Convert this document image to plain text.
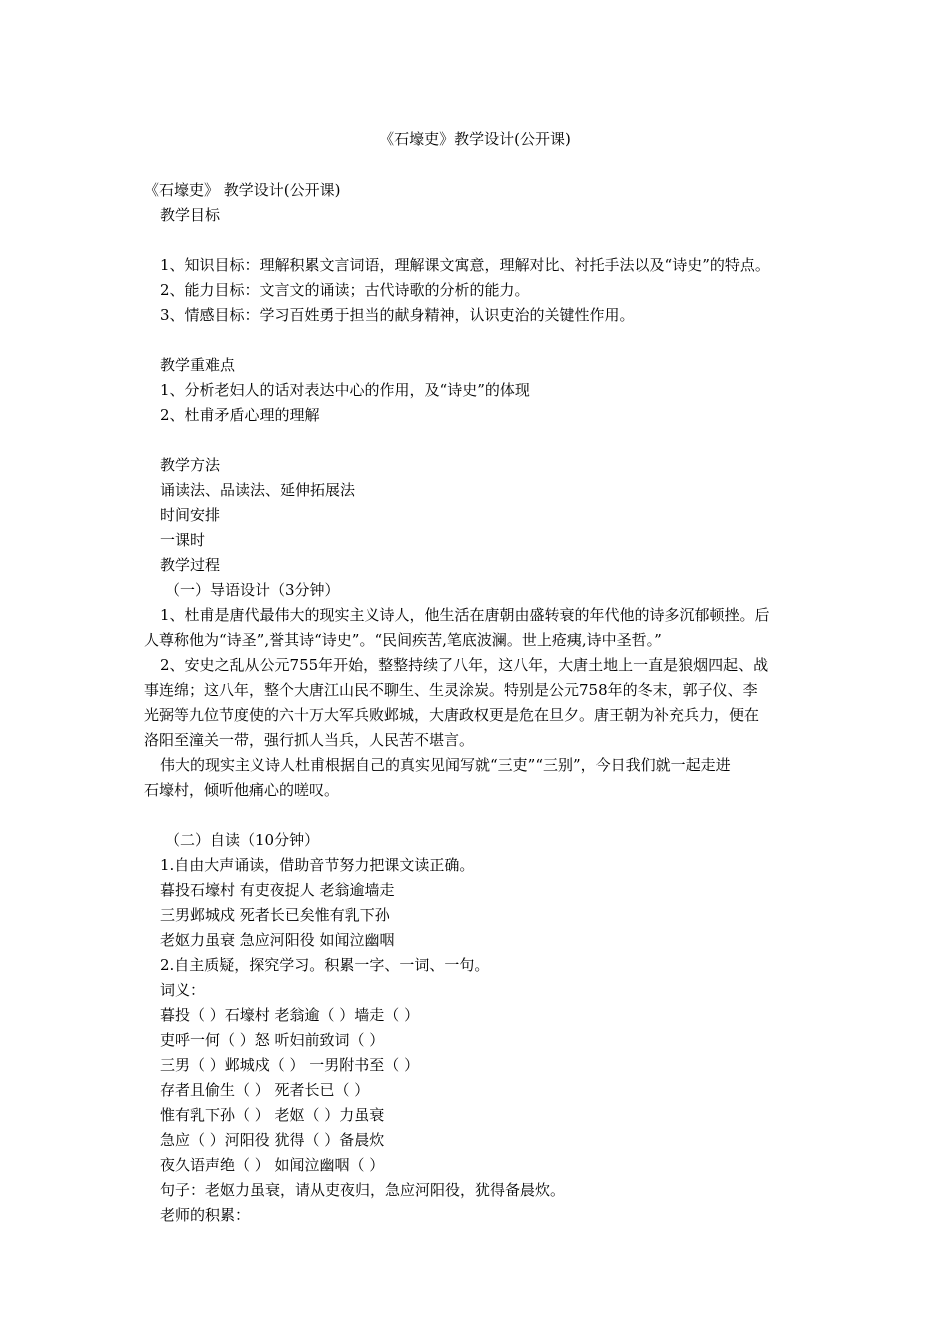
《石壕吏》教学设计(公开课)
《石壕吏》 教学设计(公开课)
教学目标
1、知识目标：理解积累文言词语，理解课文寓意，理解对比、衬托手法以及“诗史”的特点。
2、能力目标：文言文的诵读；古代诗歌的分析的能力。
3、情感目标：学习百姓勇于担当的献身精神，认识吏治的关键性作用。
教学重难点
1、分析老妇人的话对表达中心的作用，及“诗史”的体现
2、杜甫矛盾心理的理解
教学方法
诵读法、品读法、延伸拓展法
时间安排
一课时
教学过程
（一）导语设计（3分钟）
1、杜甫是唐代最伟大的现实主义诗人，他生活在唐朝由盛转衰的年代他的诗多沉郁顿挫。后
人尊称他为“诗圣”,誉其诗“诗史”。“民间疾苦,笔底波澜。世上疮痍,诗中圣哲。”
2、安史之乱从公元755年开始，整整持续了八年，这八年，大唐土地上一直是狼烟四起、战
事连绵；这八年，整个大唐江山民不聊生、生灵涂炭。特别是公元758年的冬末，郭子仪、李
光弼等九位节度使的六十万大军兵败邺城，大唐政权更是危在旦夕。唐王朝为补充兵力，便在
洛阳至潼关一带，强行抓人当兵，人民苦不堪言。
伟大的现实主义诗人杜甫根据自己的真实见闻写就“三吏”“三别”，今日我们就一起走进
石壕村，倾听他痛心的嗟叹。
（二）自读（10分钟）
1.自由大声诵读，借助音节努力把课文读正确。
暮投石壕村 有吏夜捉人 老翁逾墙走
三男邺城戍 死者长已矣惟有乳下孙
老妪力虽衰 急应河阳役 如闻泣幽咽
2.自主质疑，探究学习。积累一字、一词、一句。
词义：
暮投（ ）石壕村 老翁逾（ ）墙走（ ）
吏呼一何（ ）怒 听妇前致词（ ）
三男（ ）邺城戍（ ） 一男附书至（ ）
存者且偷生（ ） 死者长已（ ）
惟有乳下孙（ ） 老妪（ ）力虽衰
急应（ ）河阳役 犹得（ ）备晨炊
夜久语声绝（ ） 如闻泣幽咽（ ）
句子：老妪力虽衰，请从吏夜归，急应河阳役，犹得备晨炊。
老师的积累：
